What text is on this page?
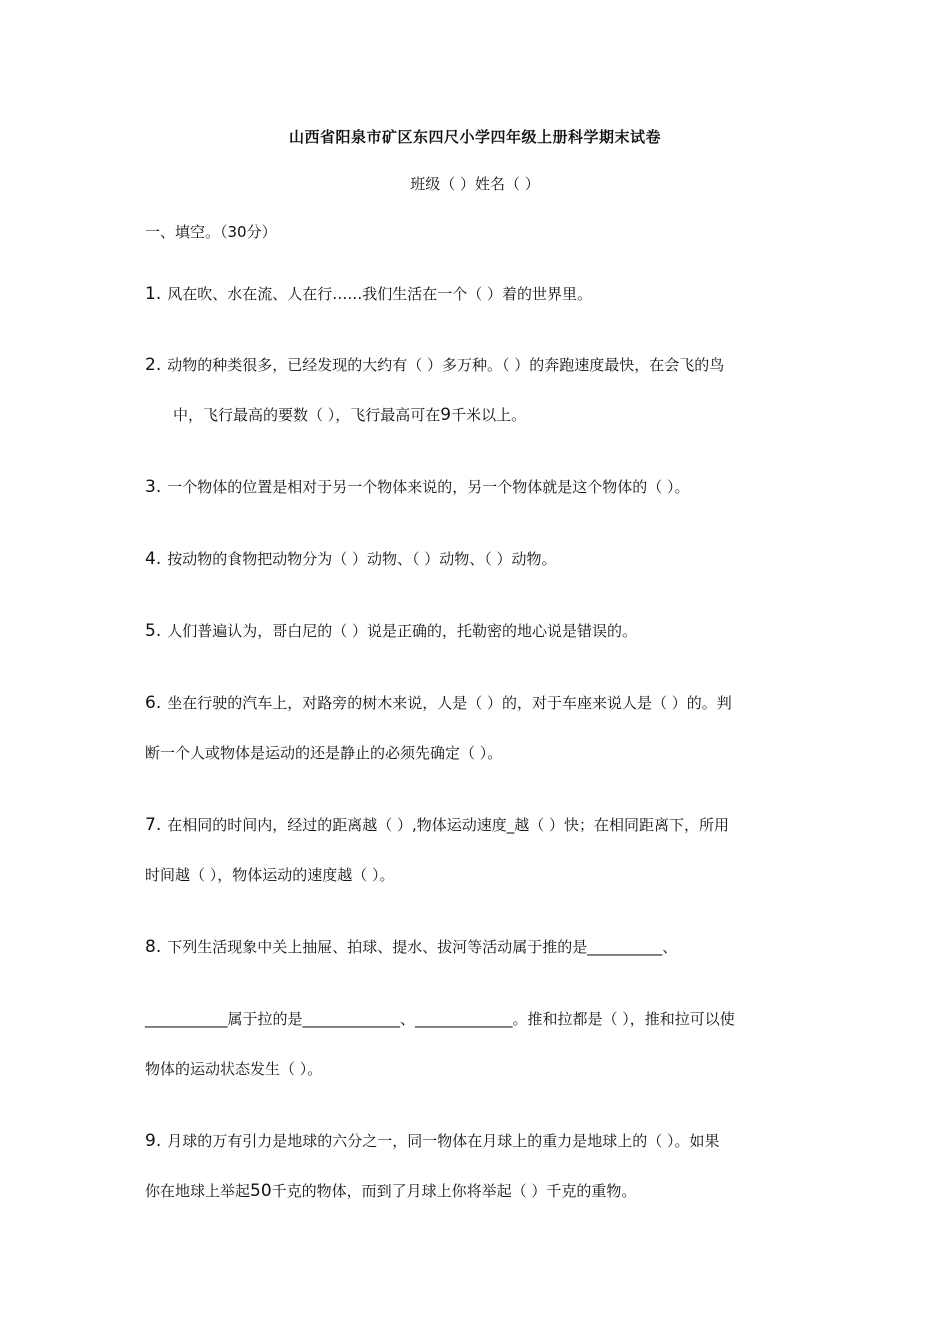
山西省阳泉市矿区东四尺小学四年级上册科学期末试卷
班级（ ）姓名（ ）
一、填空。（30分）
1. 风在吹、水在流、人在行……我们生活在一个（ ）着的世界里。
2. 动物的种类很多，已经发现的大约有（ ）多万种。（ ）的奔跑速度最快，在会飞的鸟
中，飞行最高的要数（ ），飞行最高可在9千米以上。
3. 一个物体的位置是相对于另一个物体来说的，另一个物体就是这个物体的（ ）。
4. 按动物的食物把动物分为（ ）动物、（ ）动物、（ ）动物。
5. 人们普遍认为，哥白尼的（ ）说是正确的，托勒密的地心说是错误的。
6. 坐在行驶的汽车上，对路旁的树木来说，人是（ ）的，对于车座来说人是（ ）的。判
断一个人或物体是运动的还是静止的必须先确定（ ）。
7. 在相同的时间内，经过的距离越（ ）,物体运动速度_越（ ）快；在相同距离下，所用
时间越（ ），物体运动的速度越（ ）。
8. 下列生活现象中关上抽屉、拍球、提水、拔河等活动属于推的是__________、
___________属于拉的是_____________、_____________。推和拉都是（ ），推和拉可以使
物体的运动状态发生（ ）。
9. 月球的万有引力是地球的六分之一，同一物体在月球上的重力是地球上的（ ）。如果
你在地球上举起50千克的物体，而到了月球上你将举起（ ）千克的重物。
